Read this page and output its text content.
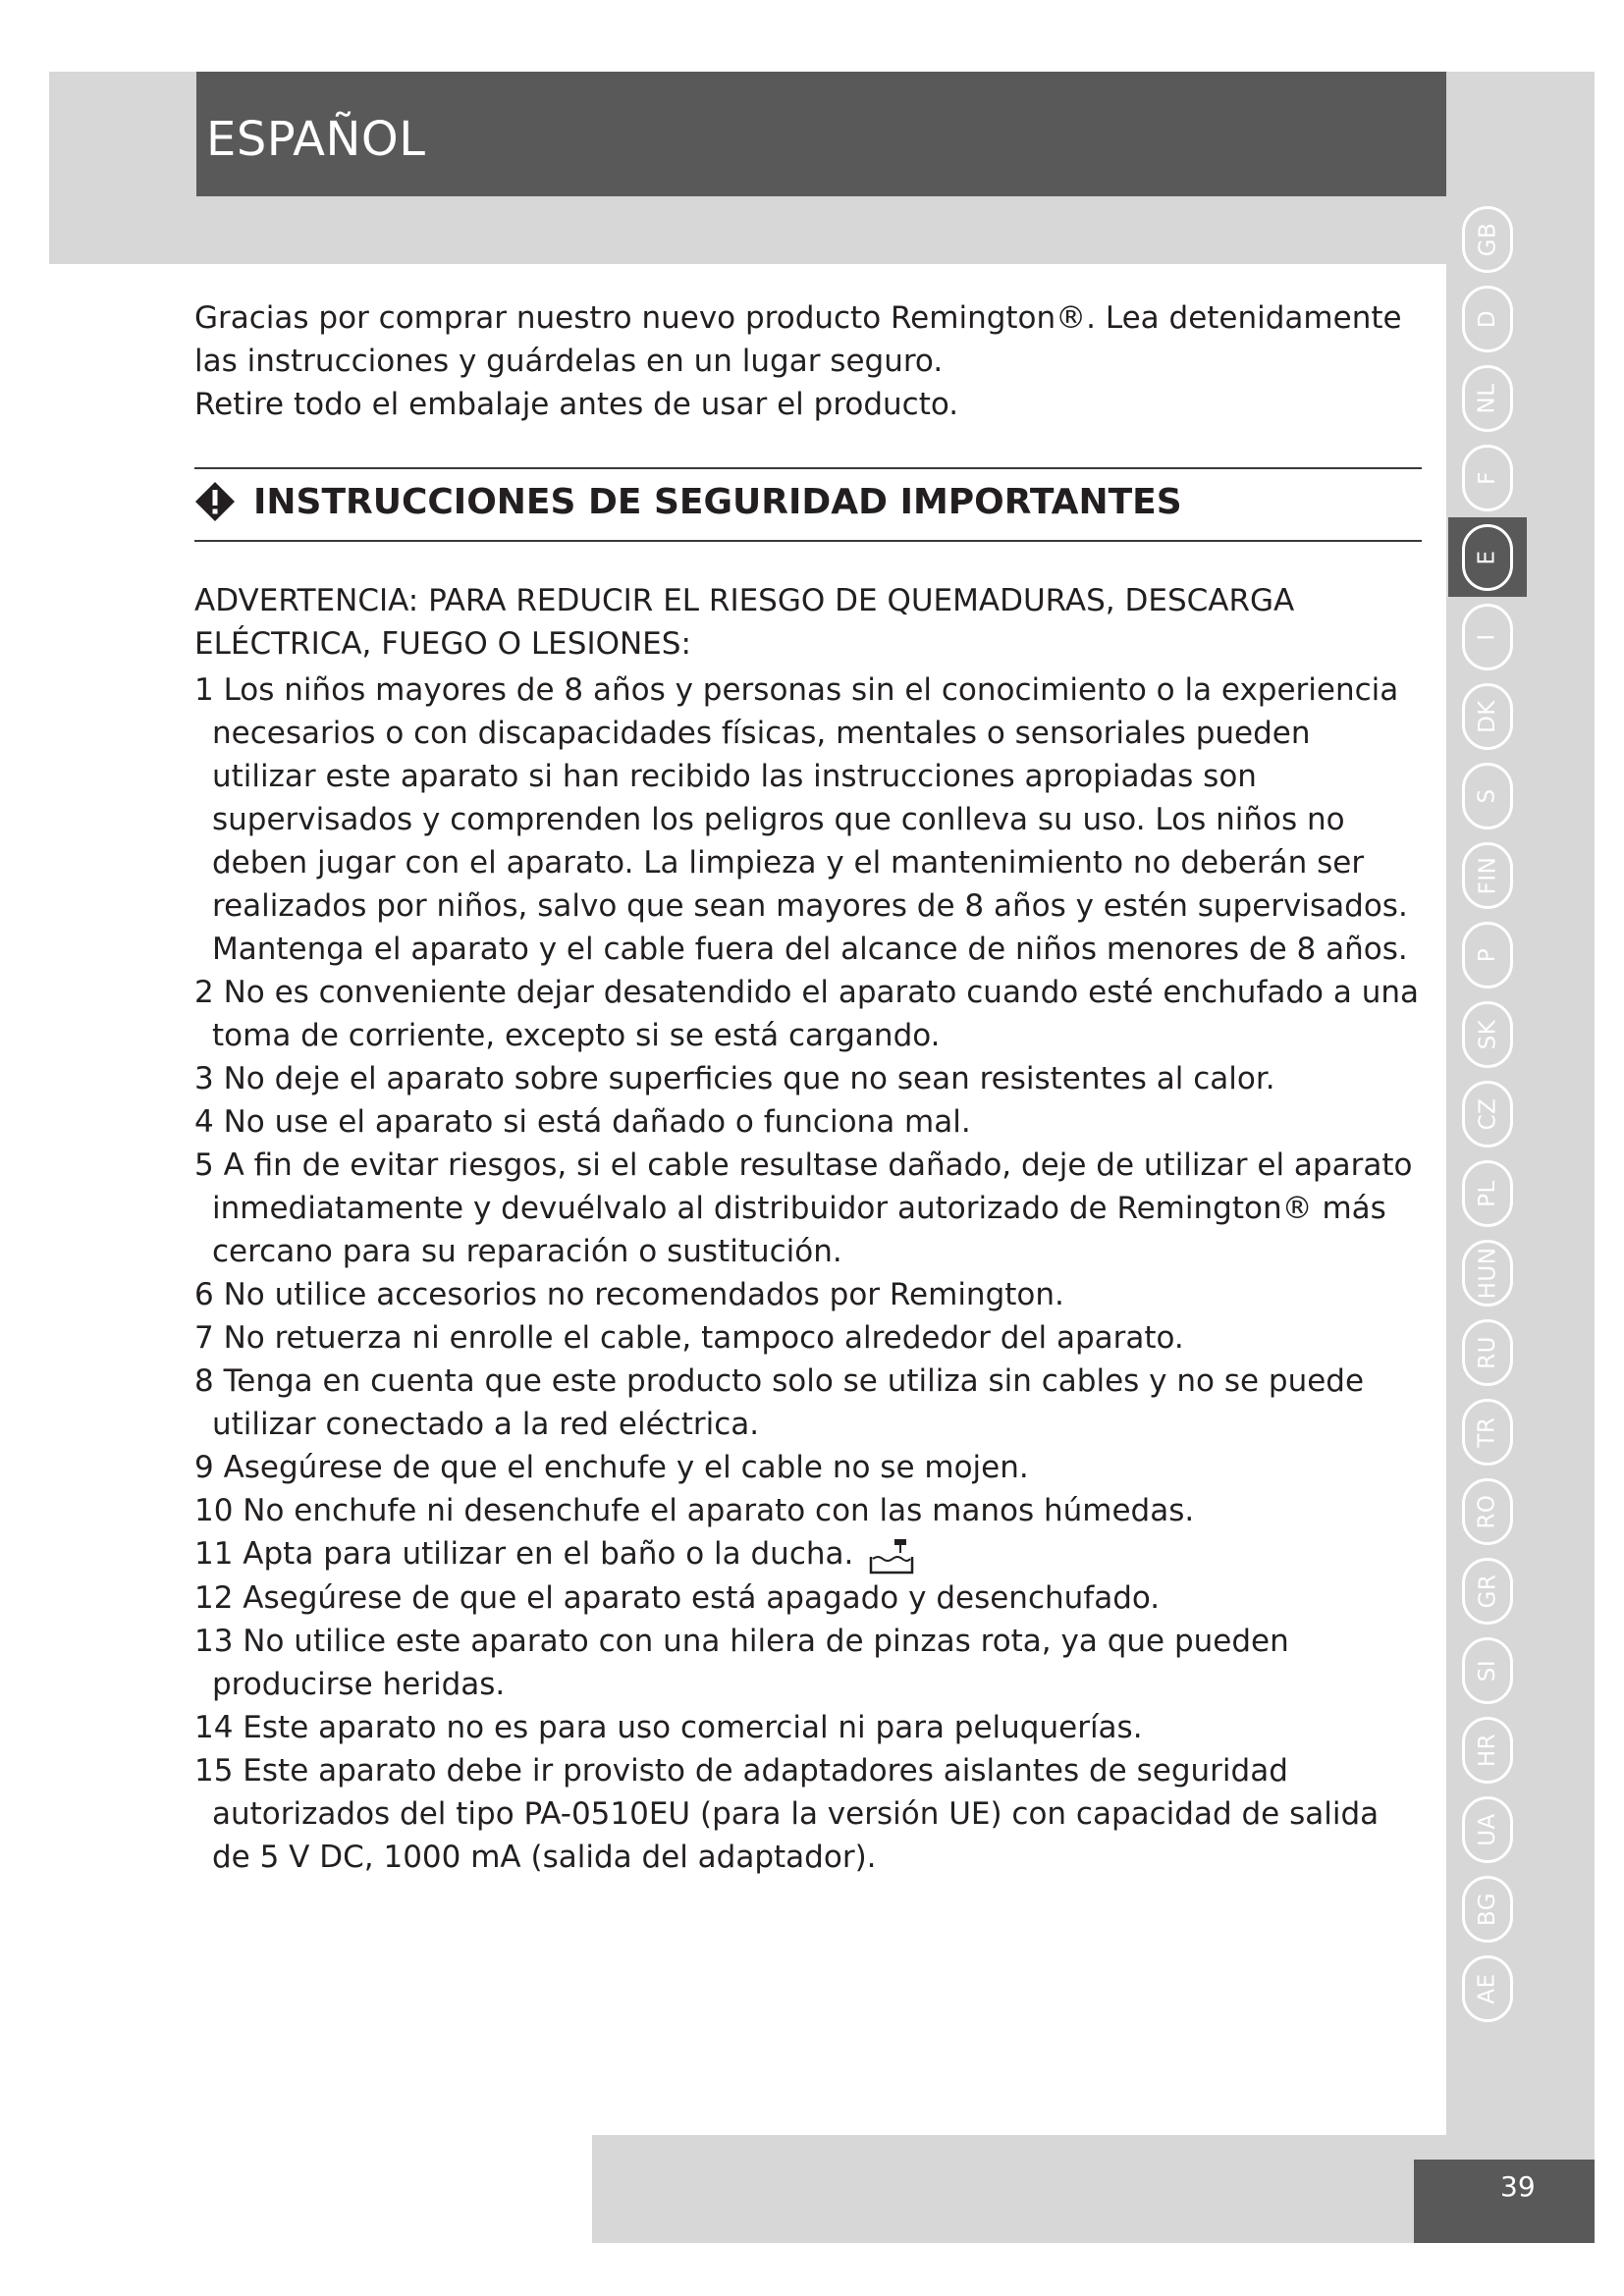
ESPAÑOL
GB
D
NL
F
E
I
DK
S
FIN
P
SK
CZ
PL
HUN
RU
TR
RO
GR
SI
HR
UA
BG
AE

Gracias por comprar nuestro nuevo producto Remington®. Lea detenidamente las instrucciones y guárdelas en un lugar seguro.

Retire todo el embalaje antes de usar el producto.

INSTRUCCIONES DE SEGURIDAD IMPORTANTES

ADVERTENCIA: PARA REDUCIR EL RIESGO DE QUEMADURAS, DESCARGA ELÉCTRICA, FUEGO O LESIONES:

1 Los niños mayores de 8 años y personas sin el conocimiento o la experiencia necesarios o con discapacidades físicas, mentales o sensoriales pueden utilizar este aparato si han recibido las instrucciones apropiadas son supervisados y comprenden los peligros que conlleva su uso. Los niños no deben jugar con el aparato. La limpieza y el mantenimiento no deberán ser realizados por niños, salvo que sean mayores de 8 años y estén supervisados. Mantenga el aparato y el cable fuera del alcance de niños menores de 8 años.
2 No es conveniente dejar desatendido el aparato cuando esté enchufado a una toma de corriente, excepto si se está cargando.
3 No deje el aparato sobre superficies que no sean resistentes al calor.
4 No use el aparato si está dañado o funciona mal.
5 A fin de evitar riesgos, si el cable resultase dañado, deje de utilizar el aparato inmediatamente y devuélvalo al distribuidor autorizado de Remington® más cercano para su reparación o sustitución.
6 No utilice accesorios no recomendados por Remington.
7 No retuerza ni enrolle el cable, tampoco alrededor del aparato.
8 Tenga en cuenta que este producto solo se utiliza sin cables y no se puede utilizar conectado a la red eléctrica.
9 Asegúrese de que el enchufe y el cable no se mojen.
10 No enchufe ni desenchufe el aparato con las manos húmedas.
11 Apta para utilizar en el baño o la ducha.
12 Asegúrese de que el aparato está apagado y desenchufado.
13 No utilice este aparato con una hilera de pinzas rota, ya que pueden producirse heridas.
14 Este aparato no es para uso comercial ni para peluquerías.
15 Este aparato debe ir provisto de adaptadores aislantes de seguridad autorizados del tipo PA-0510EU (para la versión UE) con capacidad de salida de 5 V DC, 1000 mA (salida del adaptador).
39
